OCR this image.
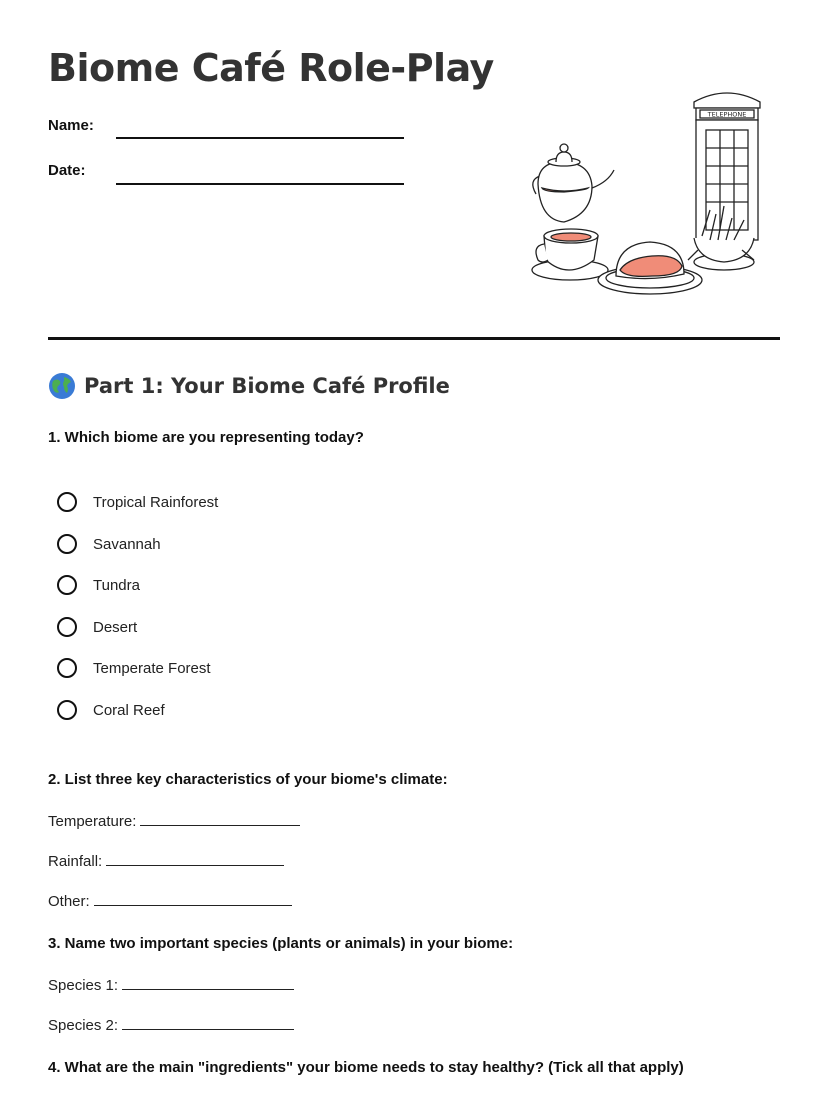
Biome Café Role-Play
Name:
Date:
TELEPHONE
Part 1: Your Biome Café Profile

1. Which biome are you representing today?

Tropical Rainforest
Savannah
Tundra
Desert
Temperate Forest
Coral Reef

2. List three key characteristics of your biome's climate:

Temperature:
Rainfall:
Other:

3. Name two important species (plants or animals) in your biome:

Species 1:
Species 2:

4. What are the main "ingredients" your biome needs to stay healthy? (Tick all that apply)
